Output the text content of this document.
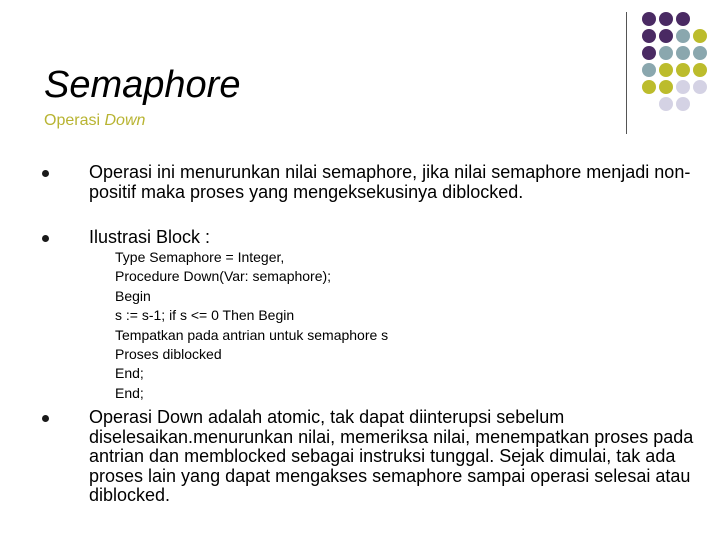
Semaphore
Operasi Down
Operasi ini menurunkan nilai semaphore, jika nilai semaphore menjadi non-positif maka proses yang mengeksekusinya diblocked.
Ilustrasi Block :
Type Semaphore = Integer,
Procedure Down(Var: semaphore);
Begin
s := s-1; if s <= 0 Then Begin
Tempatkan pada antrian untuk semaphore s
Proses diblocked
End;
End;
Operasi Down adalah atomic, tak dapat diinterupsi sebelum diselesaikan.menurunkan nilai, memeriksa nilai, menempatkan proses pada antrian dan memblocked sebagai instruksi tunggal. Sejak dimulai, tak ada proses lain yang dapat mengakses semaphore sampai operasi selesai atau diblocked.
